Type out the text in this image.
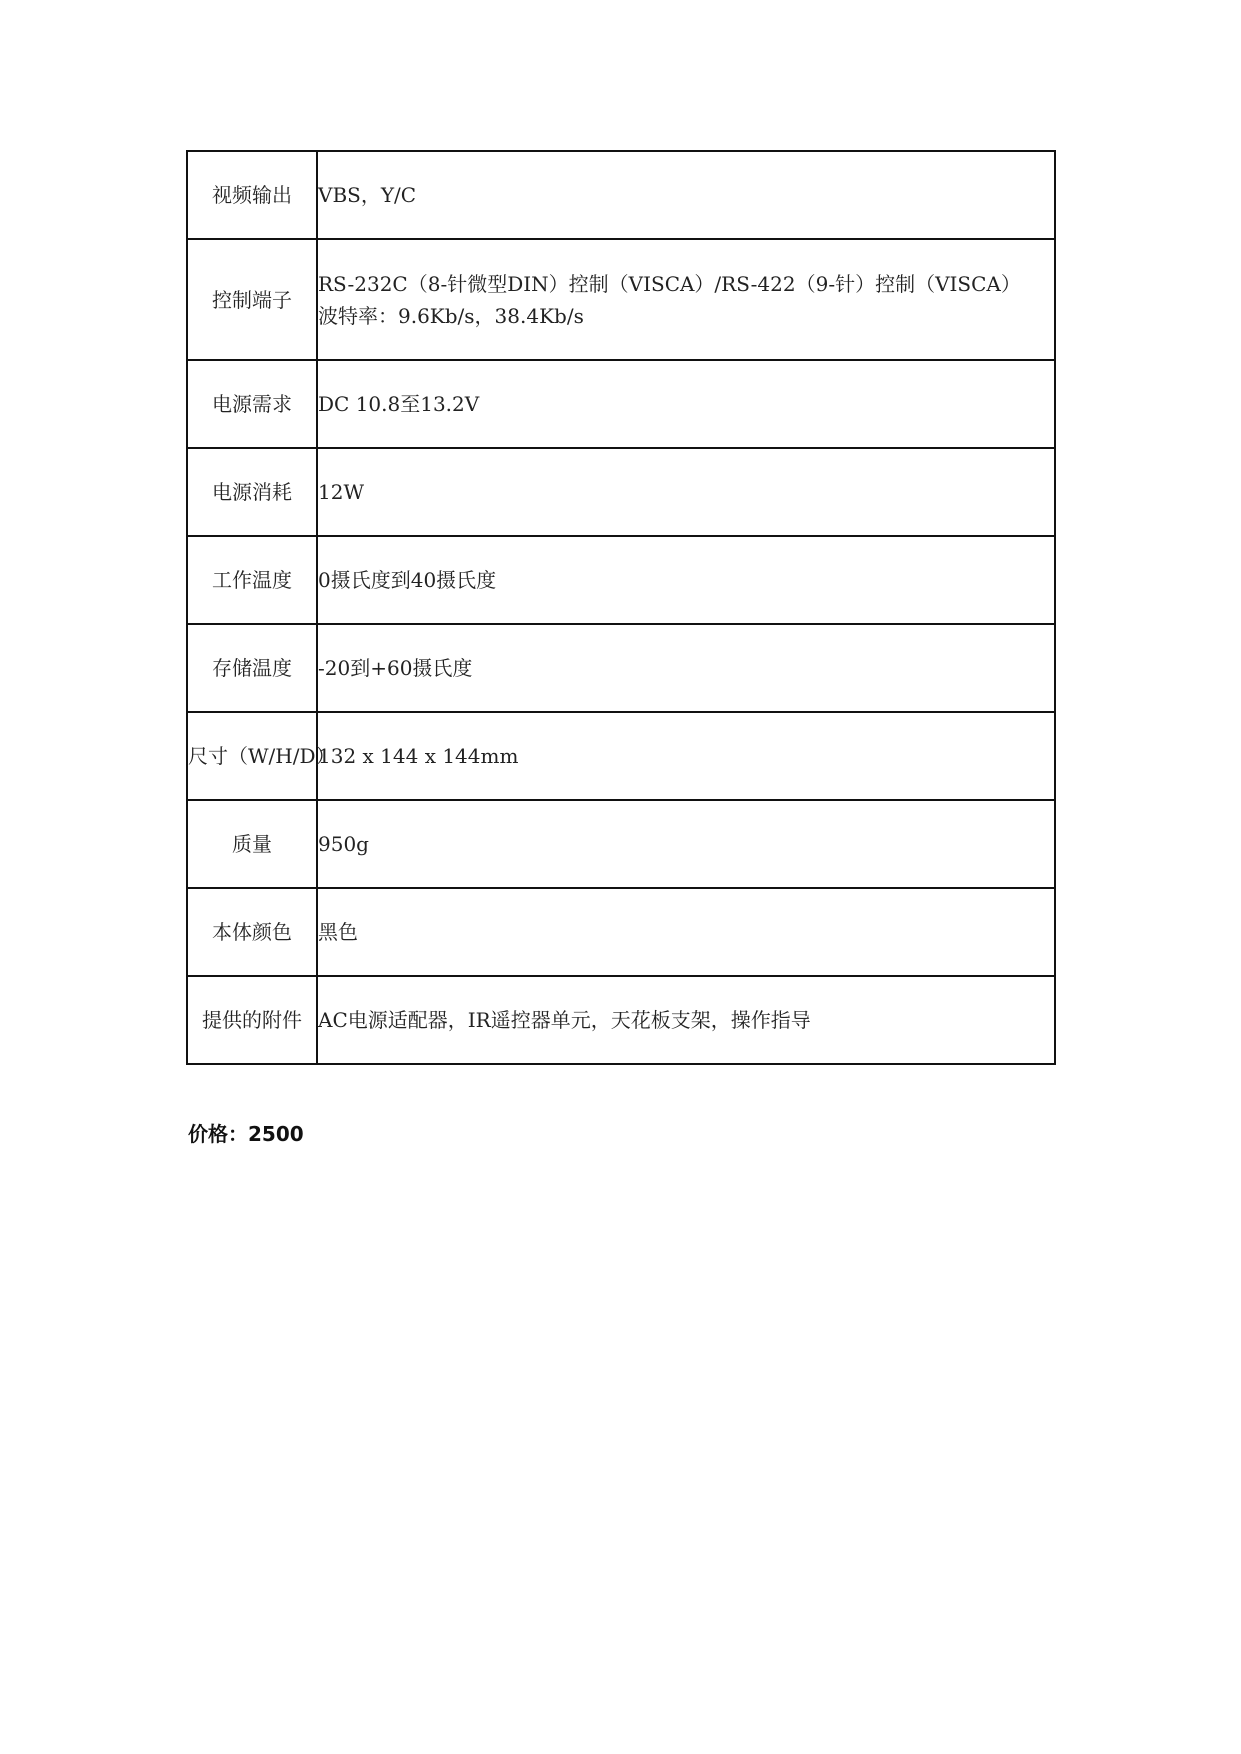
视频输出	VBS，Y/C

控制端子	RS-232C（8-针微型DIN）控制（VISCA）/RS-422（9-针）控制（VISCA）
波特率：9.6Kb/s，38.4Kb/s

电源需求	DC 10.8至13.2V

电源消耗	12W

工作温度	0摄氏度到40摄氏度

存储温度	-20到+60摄氏度

尺寸（W/H/D）	132 x 144 x 144mm

质量	950g

本体颜色	黑色

提供的附件	AC电源适配器，IR遥控器单元，天花板支架，操作指导
价格：2500
